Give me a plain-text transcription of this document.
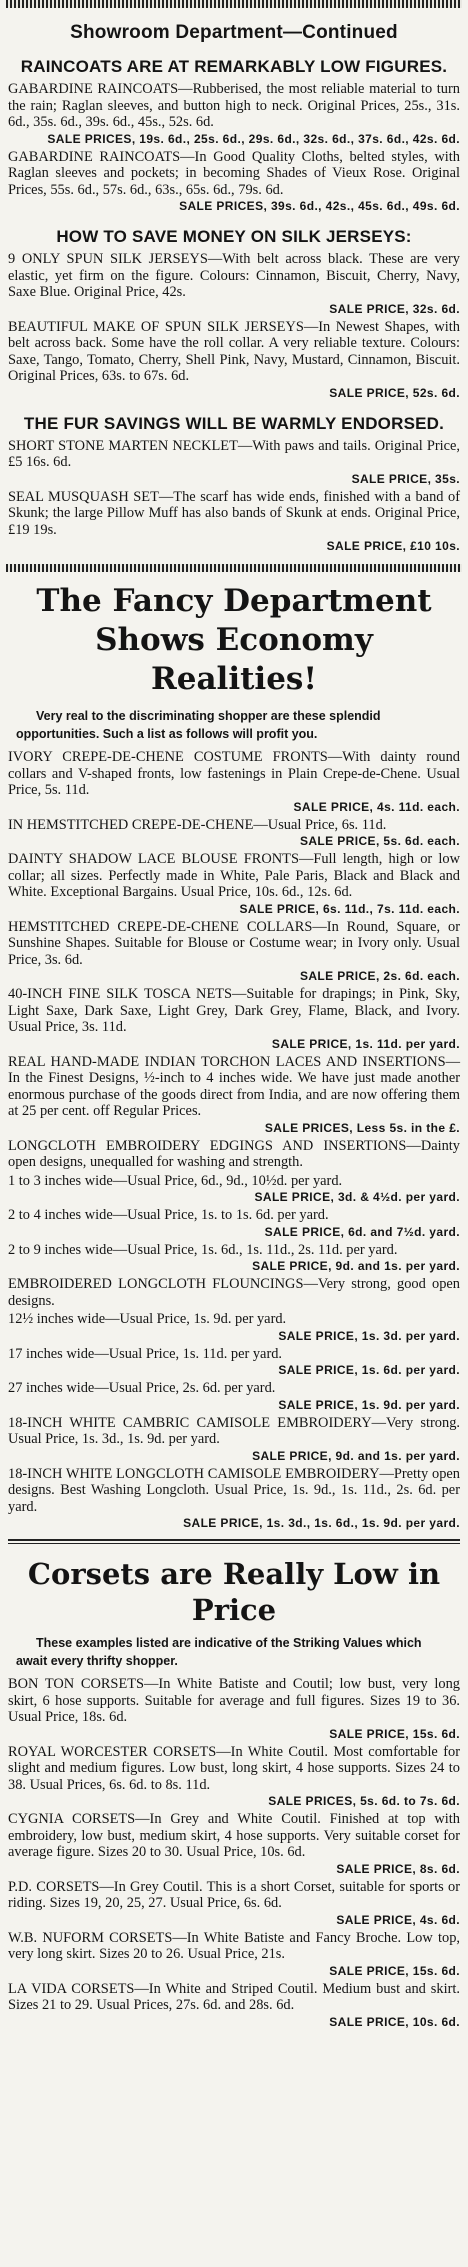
Showroom Department—Continued
RAINCOATS ARE AT REMARKABLY LOW FIGURES.
GABARDINE RAINCOATS—Rubberised, the most reliable material to turn the rain; Raglan sleeves, and button high to neck. Original Prices, 25s., 31s. 6d., 35s. 6d., 39s. 6d., 45s., 52s. 6d.
SALE PRICES, 19s. 6d., 25s. 6d., 29s. 6d., 32s. 6d., 37s. 6d., 42s. 6d.
GABARDINE RAINCOATS—In Good Quality Cloths, belted styles, with Raglan sleeves and pockets; in becoming Shades of Vieux Rose. Original Prices, 55s. 6d., 57s. 6d., 63s., 65s. 6d., 79s. 6d.
SALE PRICES, 39s. 6d., 42s., 45s. 6d., 49s. 6d.
HOW TO SAVE MONEY ON SILK JERSEYS:
9 ONLY SPUN SILK JERSEYS—With belt across black. These are very elastic, yet firm on the figure. Colours: Cinnamon, Biscuit, Cherry, Navy, Saxe Blue. Original Price, 42s.
SALE PRICE, 32s. 6d.
BEAUTIFUL MAKE OF SPUN SILK JERSEYS—In Newest Shapes, with belt across back. Some have the roll collar. A very reliable texture. Colours: Saxe, Tango, Tomato, Cherry, Shell Pink, Navy, Mustard, Cinnamon, Biscuit. Original Prices, 63s. to 67s. 6d.
SALE PRICE, 52s. 6d.
THE FUR SAVINGS WILL BE WARMLY ENDORSED.
SHORT STONE MARTEN NECKLET—With paws and tails. Original Price, £5 16s. 6d.
SALE PRICE, 35s.
SEAL MUSQUASH SET—The scarf has wide ends, finished with a band of Skunk; the large Pillow Muff has also bands of Skunk at ends. Original Price, £19 19s.
SALE PRICE, £10 10s.
The Fancy Department Shows Economy Realities!
Very real to the discriminating shopper are these splendid opportunities. Such a list as follows will profit you.
IVORY CREPE-DE-CHENE COSTUME FRONTS—With dainty round collars and V-shaped fronts, low fastenings in Plain Crepe-de-Chene. Usual Price, 5s. 11d.
SALE PRICE, 4s. 11d. each.
IN HEMSTITCHED CREPE-DE-CHENE—Usual Price, 6s. 11d.
SALE PRICE, 5s. 6d. each.
DAINTY SHADOW LACE BLOUSE FRONTS—Full length, high or low collar; all sizes. Perfectly made in White, Pale Paris, Black and Black and White. Exceptional Bargains. Usual Price, 10s. 6d., 12s. 6d.
SALE PRICE, 6s. 11d., 7s. 11d. each.
HEMSTITCHED CREPE-DE-CHENE COLLARS—In Round, Square, or Sunshine Shapes. Suitable for Blouse or Costume wear; in Ivory only. Usual Price, 3s. 6d.
SALE PRICE, 2s. 6d. each.
40-INCH FINE SILK TOSCA NETS—Suitable for drapings; in Pink, Sky, Light Saxe, Dark Saxe, Light Grey, Dark Grey, Flame, Black, and Ivory. Usual Price, 3s. 11d.
SALE PRICE, 1s. 11d. per yard.
REAL HAND-MADE INDIAN TORCHON LACES AND INSERTIONS—In the Finest Designs, ½-inch to 4 inches wide. We have just made another enormous purchase of the goods direct from India, and are now offering them at 25 per cent. off Regular Prices.
SALE PRICES, Less 5s. in the £.
LONGCLOTH EMBROIDERY EDGINGS AND INSERTIONS—Dainty open designs, unequalled for washing and strength.
1 to 3 inches wide—Usual Price, 6d., 9d., 10½d. per yard.
SALE PRICE, 3d. & 4½d. per yard.
2 to 4 inches wide—Usual Price, 1s. to 1s. 6d. per yard.
SALE PRICE, 6d. and 7½d. yard.
2 to 9 inches wide—Usual Price, 1s. 6d., 1s. 11d., 2s. 11d. per yard.
SALE PRICE, 9d. and 1s. per yard.
EMBROIDERED LONGCLOTH FLOUNCINGS—Very strong, good open designs.
12½ inches wide—Usual Price, 1s. 9d. per yard.
SALE PRICE, 1s. 3d. per yard.
17 inches wide—Usual Price, 1s. 11d. per yard.
SALE PRICE, 1s. 6d. per yard.
27 inches wide—Usual Price, 2s. 6d. per yard.
SALE PRICE, 1s. 9d. per yard.
18-INCH WHITE CAMBRIC CAMISOLE EMBROIDERY—Very strong. Usual Price, 1s. 3d., 1s. 9d. per yard.
SALE PRICE, 9d. and 1s. per yard.
18-INCH WHITE LONGCLOTH CAMISOLE EMBROIDERY—Pretty open designs. Best Washing Longcloth. Usual Price, 1s. 9d., 1s. 11d., 2s. 6d. per yard.
SALE PRICE, 1s. 3d., 1s. 6d., 1s. 9d. per yard.
Corsets are Really Low in Price
These examples listed are indicative of the Striking Values which await every thrifty shopper.
BON TON CORSETS—In White Batiste and Coutil; low bust, very long skirt, 6 hose supports. Suitable for average and full figures. Sizes 19 to 36. Usual Price, 18s. 6d.
SALE PRICE, 15s. 6d.
ROYAL WORCESTER CORSETS—In White Coutil. Most comfortable for slight and medium figures. Low bust, long skirt, 4 hose supports. Sizes 24 to 38. Usual Prices, 6s. 6d. to 8s. 11d.
SALE PRICES, 5s. 6d. to 7s. 6d.
CYGNIA CORSETS—In Grey and White Coutil. Finished at top with embroidery, low bust, medium skirt, 4 hose supports. Very suitable corset for average figure. Sizes 20 to 30. Usual Price, 10s. 6d.
SALE PRICE, 8s. 6d.
P.D. CORSETS—In Grey Coutil. This is a short Corset, suitable for sports or riding. Sizes 19, 20, 25, 27. Usual Price, 6s. 6d.
SALE PRICE, 4s. 6d.
W.B. NUFORM CORSETS—In White Batiste and Fancy Broche. Low top, very long skirt. Sizes 20 to 26. Usual Price, 21s.
SALE PRICE, 15s. 6d.
LA VIDA CORSETS—In White and Striped Coutil. Medium bust and skirt. Sizes 21 to 29. Usual Prices, 27s. 6d. and 28s. 6d.
SALE PRICE, 10s. 6d.
